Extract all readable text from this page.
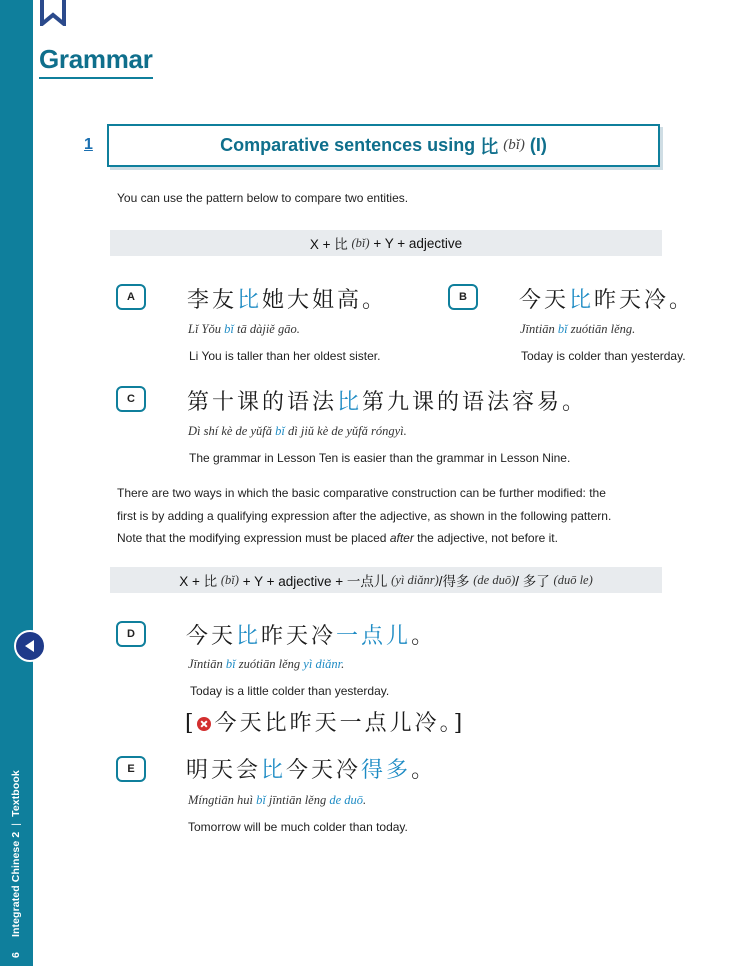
6 Integrated Chinese 2|Textbook
Grammar
1	Comparative sentences using
比
(bǐ)
(I)
You can use the pattern below to compare two entities.
X + 比
(bǐ)
+ Y + adjective
A	李友比她大姐高。
Lǐ Yǒu bǐ tā dàjiě gāo.
Li You is taller than her oldest sister.
B	今天比昨天冷。
Jīntiān bǐ zuótiān lěng.
Today is colder than yesterday.
C	第十课的语法比第九课的语法容易。
Dì shí kè de yǔfǎ bǐ dì jiǔ kè de yǔfǎ róngyì.
The grammar in Lesson Ten is easier than the grammar in Lesson Nine.
There are two ways in which the basic comparative construction can be further modified: the
first is by adding a qualifying expression after the adjective, as shown in the following pattern.
Note that the modifying expression must be placed after the adjective, not before it.
X + 比
(bǐ)
+ Y + adjective + 一点儿
(yì diǎnr) /得多
(de duō) / 多了
(duō le)
D	今天比昨天冷一点儿。
Jīntiān bǐ zuótiān lěng yì diǎnr.
Today is a little colder than yesterday.
[ 今天比昨天一点儿冷。]
E	明天会比今天冷得多。
Míngtiān huì bǐ jīntiān lěng de duō.
Tomorrow will be much colder than today.
